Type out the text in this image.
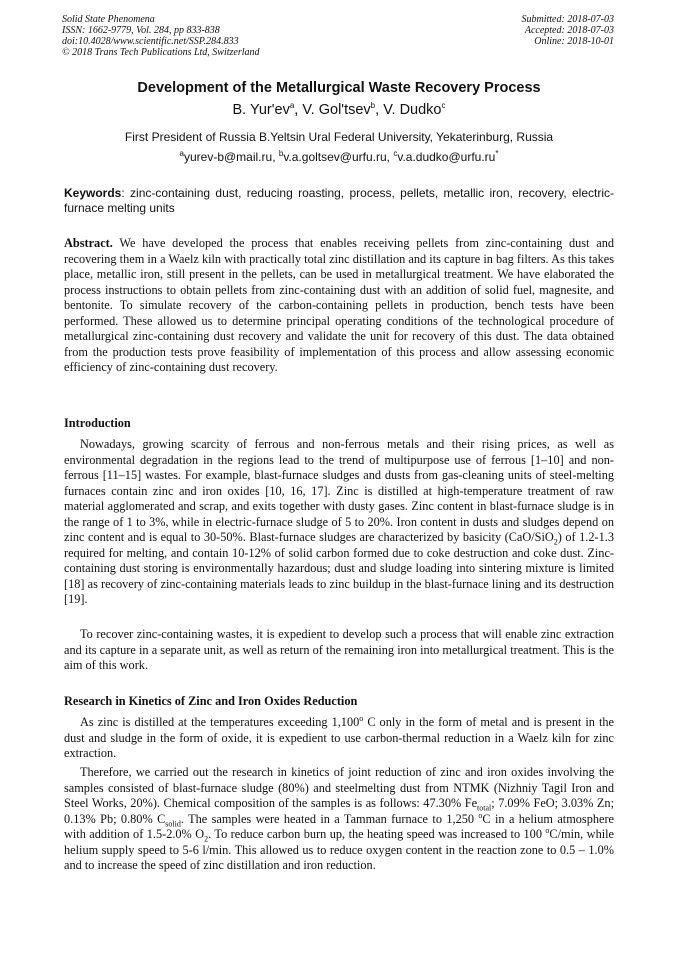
Solid State Phenomena
ISSN: 1662-9779, Vol. 284, pp 833-838
doi:10.4028/www.scientific.net/SSP.284.833
© 2018 Trans Tech Publications Ltd, Switzerland
Submitted: 2018-07-03
Accepted: 2018-07-03
Online: 2018-10-01
Development of the Metallurgical Waste Recovery Process
B. $Yur'ev^a$, V. Gol'tsev$^b$, V. Dudko$^c$
First President of Russia B.Yeltsin Ural Federal University, Yekaterinburg, Russia
$^a$yurev-b@mail.ru, $^b$v.a.goltsev@urfu.ru, $^c$v.a.dudko@urfu.ru*
Keywords: zinc-containing dust, reducing roasting, process, pellets, metallic iron, recovery, electric-furnace melting units
Abstract. We have developed the process that enables receiving pellets from zinc-containing dust and recovering them in a Waelz kiln with practically total zinc distillation and its capture in bag filters. As this takes place, metallic iron, still present in the pellets, can be used in metallurgical treatment. We have elaborated the process instructions to obtain pellets from zinc-containing dust with an addition of solid fuel, magnesite, and bentonite. To simulate recovery of the carbon-containing pellets in production, bench tests have been performed. These allowed us to determine principal operating conditions of the technological procedure of metallurgical zinc-containing dust recovery and validate the unit for recovery of this dust. The data obtained from the production tests prove feasibility of implementation of this process and allow assessing economic efficiency of zinc-containing dust recovery.
Introduction

Nowadays, growing scarcity of ferrous and non-ferrous metals and their rising prices, as well as environmental degradation in the regions lead to the trend of multipurpose use of ferrous [1–10] and non-ferrous [11–15] wastes. For example, blast-furnace sludges and dusts from gas-cleaning units of steel-melting furnaces contain zinc and iron oxides [10, 16, 17]. Zinc is distilled at high-temperature treatment of raw material agglomerated and scrap, and exits together with dusty gases. Zinc content in blast-furnace sludge is in the range of 1 to 3%, while in electric-furnace sludge of 5 to 20%. Iron content in dusts and sludges depend on zinc content and is equal to 30-50%. Blast-furnace sludges are characterized by basicity (CaO/SiO$_2$) of 1.2-1.3 required for melting, and contain 10-12% of solid carbon formed due to coke destruction and coke dust. Zinc-containing dust storing is environmentally hazardous; dust and sludge loading into sintering mixture is limited [18] as recovery of zinc-containing materials leads to zinc buildup in the blast-furnace lining and its destruction [19].

To recover zinc-containing wastes, it is expedient to develop such a process that will enable zinc extraction and its capture in a separate unit, as well as return of the remaining iron into metallurgical treatment. This is the aim of this work.

Research in Kinetics of Zinc and Iron Oxides Reduction

As zinc is distilled at the temperatures exceeding 1,100$^o$ C only in the form of metal and is present in the dust and sludge in the form of oxide, it is expedient to use carbon-thermal reduction in a Waelz kiln for zinc extraction.

Therefore, we carried out the research in kinetics of joint reduction of zinc and iron oxides involving the samples consisted of blast-furnace sludge (80%) and steelmelting dust from NTMK (Nizhniy Tagil Iron and Steel Works, 20%). Chemical composition of the samples is as follows: 47.30% $Fe_{total}$; 7.09% FeO; 3.03% Zn; 0.13% Pb; 0.80% $C_{solid}$. The samples were heated in a Tamman furnace to 1,250 $^o$C in a helium atmosphere with addition of 1.5-2.0% $O_2$. To reduce carbon burn up, the heating speed was increased to 100 $^o$C/min, while helium supply speed to 5-6 l/min. This allowed us to reduce oxygen content in the reaction zone to 0.5 – 1.0% and to increase the speed of zinc distillation and iron reduction.
